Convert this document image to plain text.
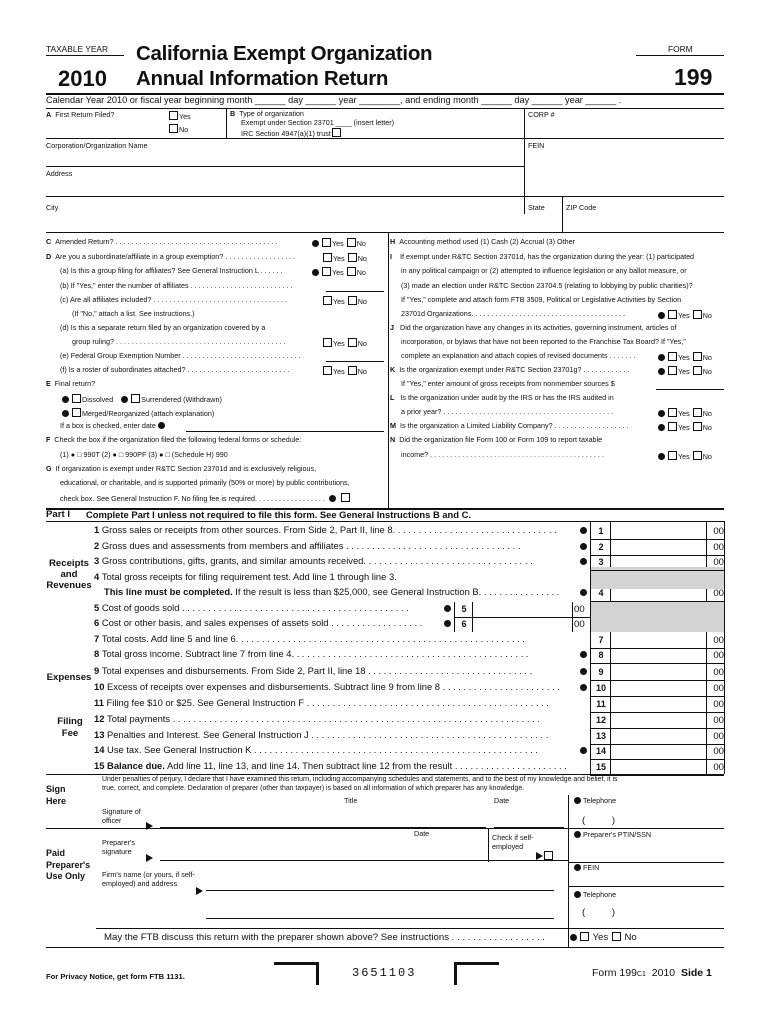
TAXABLE YEAR
2010
California Exempt Organization
Annual Information Return
FORM
199
Calendar Year 2010 or fiscal year beginning month ______ day ______ year ________, and ending month ______ day ______ year ______ .
A First Return Filed?	Yes
No
B Type of organization
Exempt under Section 23701 ____ (insert letter)
IRC Section 4947(a)(1) trust
CORP #
Corporation/Organization Name	FEIN
Address
City	State	ZIP Code
C Amended Return? . . . . . . . . . . . . . . . . . . . . . . . . . . . . . . . . . . . . . . . . .	Yes No
D Are you a subordinate/affiliate in a group exemption? . . . . . . . . . . . . . . . . . .	Yes No
(a) Is this a group filing for affiliates? See General Instruction L . . . . . .	Yes No
(b) If "Yes," enter the number of affiliates . . . . . . . . . . . . . . . . . . . . . . . . . .
(c) Are all affiliates included? . . . . . . . . . . . . . . . . . . . . . . . . . . . . . . . . . .	Yes No
(If "No," attach a list. See instructions.)
(d) Is this a separate return filed by an organization covered by a
group ruling? . . . . . . . . . . . . . . . . . . . . . . . . . . . . . . . . . . . . . . . . . . .	Yes No
(e) Federal Group Exemption Number . . . . . . . . . . . . . . . . . . . . . . . . . . . . . .
(f) Is a roster of subordinates attached? . . . . . . . . . . . . . . . . . . . . . . . . . .	Yes No
E Final return?
Dissolved	Surrendered (Withdrawn)
Merged/Reorganized (attach explanation)
If a box is checked, enter date
F Check the box if the organization filed the following federal forms or schedule:
(1) ● □ 990T (2) ● □ 990PF (3) ● □ (Schedule H) 990
G If organization is exempt under R&TC Section 23701d and is exclusively religious,
educational, or charitable, and is supported primarily (50% or more) by public contributions,
check box. See General Instruction F. No filing fee is required. . . . . . . . . . . . . . . . . .
H Accounting method used (1) Cash (2) Accrual (3) Other
I If exempt under R&TC Section 23701d, has the organization during the year: (1) participated
in any political campaign or (2) attempted to influence legislation or any ballot measure, or
(3) made an election under R&TC Section 23704.5 (relating to lobbying by public charities)?
If "Yes," complete and attach form FTB 3509, Political or Legislative Activities by Section
23701d Organizations. . . . . . . . . . . . . . . . . . . . . . . . . . . . . . . . . . . . . . .	Yes No
J Did the organization have any changes in its activities, governing instrument, articles of
incorporation, or bylaws that have not been reported to the Franchise Tax Board? If "Yes,"
complete an explanation and attach copies of revised documents . . . . . . .	Yes No
K Is the organization exempt under R&TC Section 23701g? . . . . . . . . . . . .	Yes No
If "Yes," enter amount of gross receipts from nonmember sources $
L Is the organization under audit by the IRS or has the IRS audited in
a prior year? . . . . . . . . . . . . . . . . . . . . . . . . . . . . . . . . . . . . . . . . . . .	Yes No
M Is the organization a Limited Liability Company? . . . . . . . . . . . . . . . . . . .	Yes No
N Did the organization file Form 100 or Form 109 to report taxable
income? . . . . . . . . . . . . . . . . . . . . . . . . . . . . . . . . . . . . . . . . . . . .	Yes No
Part I Complete Part I unless not required to file this form. See General Instructions B and C.
Receipts and Revenues
Expenses
Filing Fee
1 Gross sales or receipts from other sources. From Side 2, Part II, line 8. . . . . . . . . . . . . . . . . . . . . . . . . . . . . . . .	1	00
2 Gross dues and assessments from members and affiliates . . . . . . . . . . . . . . . . . . . . . . . . . . . . . . . . . .	2	00
3 Gross contributions, gifts, grants, and similar amounts received. . . . . . . . . . . . . . . . . . . . . . . . . . . . . . . . .	3	00
4 Total gross receipts for filing requirement test. Add line 1 through line 3.
This line must be completed. If the result is less than $25,000, see General Instruction B. . . . . . . . . . . . . . . .	4	00
5 Cost of goods sold . . . . . . . . . . . . . . . . . . . . . . . . . . . . . . . . . . . . . . . . . . . .	5	00
6 Cost or other basis, and sales expenses of assets sold . . . . . . . . . . . . . . . . . .	6	00
7 Total costs. Add line 5 and line 6. . . . . . . . . . . . . . . . . . . . . . . . . . . . . . . . . . . . . . . . . . . . . . . . . . . . . . . .	7	00
8 Total gross income. Subtract line 7 from line 4. . . . . . . . . . . . . . . . . . . . . . . . . . . . . . . . . . . . . . . . . . . . . .	8	00
9 Total expenses and disbursements. From Side 2, Part II, line 18 . . . . . . . . . . . . . . . . . . . . . . . . . . . . . . . .	9	00
10 Excess of receipts over expenses and disbursements. Subtract line 9 from line 8 . . . . . . . . . . . . . . . . . . . . . . .	10	00
11 Filing fee $10 or $25. See General Instruction F . . . . . . . . . . . . . . . . . . . . . . . . . . . . . . . . . . . . . . . . . . . . . . .	11	00
12 Total payments . . . . . . . . . . . . . . . . . . . . . . . . . . . . . . . . . . . . . . . . . . . . . . . . . . . . . . . . . . . . . . . . . . . . . . .	12	00
13 Penalties and Interest. See General Instruction J . . . . . . . . . . . . . . . . . . . . . . . . . . . . . . . . . . . . . . . . . . . . . .	13	00
14 Use tax. See General Instruction K . . . . . . . . . . . . . . . . . . . . . . . . . . . . . . . . . . . . . . . . . . . . . . . . . . . . . . .	14	00
15 Balance due. Add line 11, line 13, and line 14. Then subtract line 12 from the result . . . . . . . . . . . . . . . . . . . . . .	15	00
Under penalties of perjury, I declare that I have examined this return, including accompanying schedules and statements, and to the best of my knowledge and belief, it is
true, correct, and complete. Declaration of preparer (other than taxpayer) is based on all information of which preparer has any knowledge.
Sign Here	Title	Date	Telephone
Signature of officer	(          )
Date	Preparer's PTIN/SSN
Paid Preparer's Use Only
Preparer's signature
Check if self- employed
FEIN
Firm's name (or yours, if self-employed) and address
Telephone
(          )
May the FTB discuss this return with the preparer shown above? See instructions . . . . . . . . . . . . . . . . . .	Yes No
For Privacy Notice, get form FTB 1131.	3651103	Form 199C1 2010 Side 1
